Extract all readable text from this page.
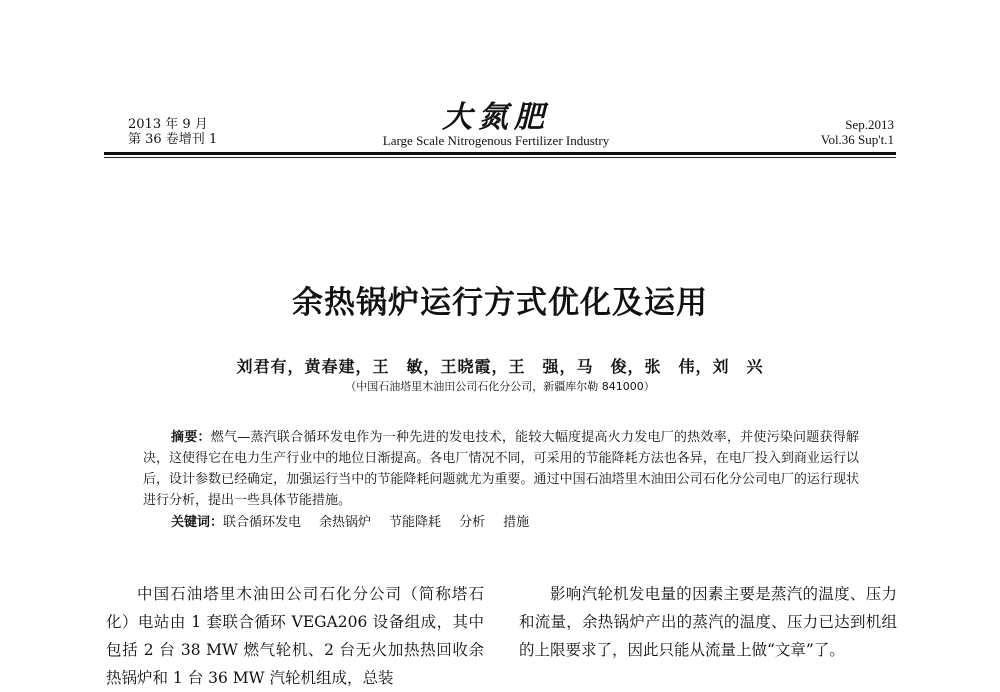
2013 年 9 月
第 36 卷增刊 1
大氮肥
Large Scale Nitrogenous Fertilizer Industry
Sep.2013
Vol.36 Sup't.1
余热锅炉运行方式优化及运用
刘君有，黄春建，王　敏，王晓霞，王　强，马　俊，张　伟，刘　兴
（中国石油塔里木油田公司石化分公司，新疆库尔勒 841000）

摘要：燃气—蒸汽联合循环发电作为一种先进的发电技术，能较大幅度提高火力发电厂的热效率，并使污染问题获得解决，这使得它在电力生产行业中的地位日渐提高。各电厂情况不同，可采用的节能降耗方法也各异，在电厂投入到商业运行以后，设计参数已经确定，加强运行当中的节能降耗问题就尤为重要。通过中国石油塔里木油田公司石化分公司电厂的运行现状进行分析，提出一些具体节能措施。

关键词：联合循环发电 余热锅炉 节能降耗 分析 措施

中国石油塔里木油田公司石化分公司（简称塔石化）电站由 1 套联合循环 VEGA206 设备组成，其中包括 2 台 38 MW 燃气轮机、2 台无火加热热回收余热锅炉和 1 台 36 MW 汽轮机组成，总装

影响汽轮机发电量的因素主要是蒸汽的温度、压力和流量，余热锅炉产出的蒸汽的温度、压力已达到机组的上限要求了，因此只能从流量上做“文章”了。
